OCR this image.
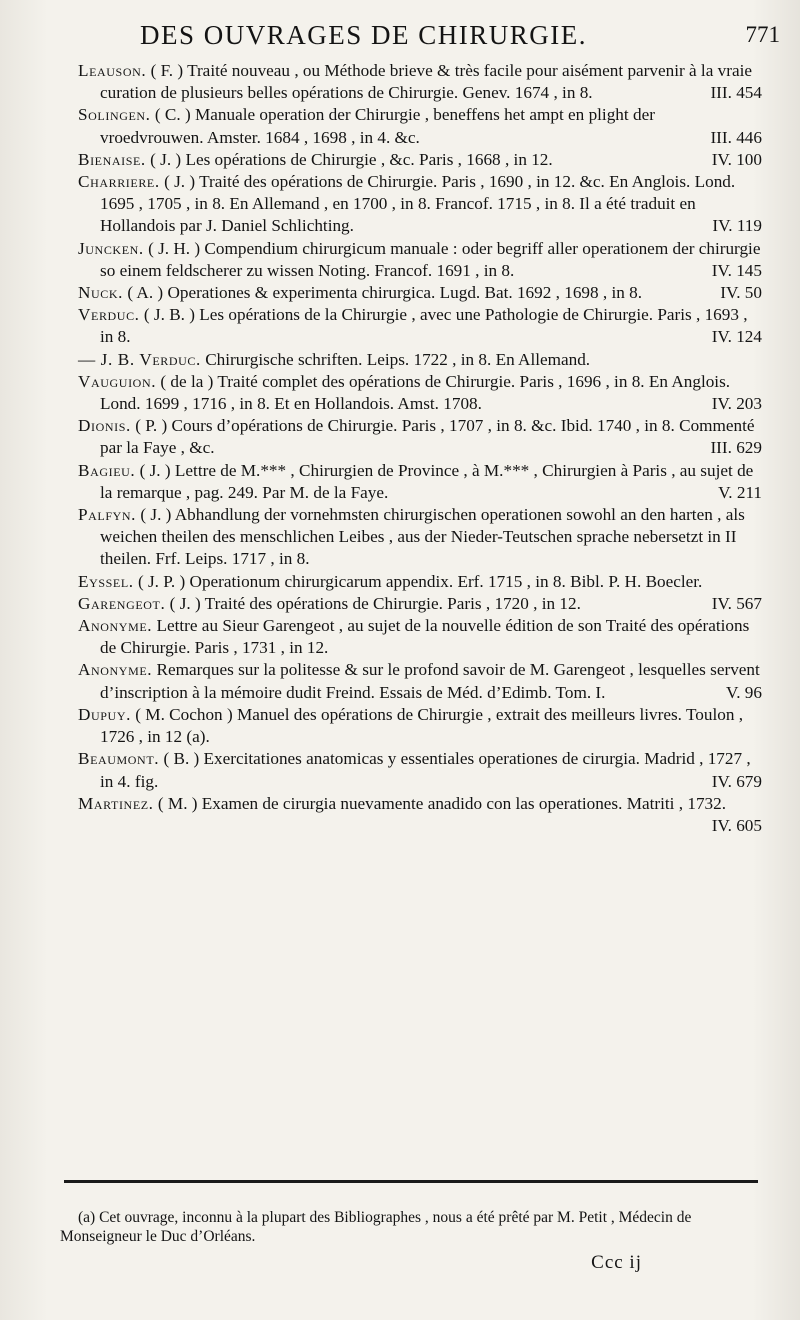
DES OUVRAGES DE CHIRURGIE.	771

Leauson. ( F. ) Traité nouveau , ou Méthode brieve & très facile pour aisément parvenir à la vraie curation de plusieurs belles opérations de Chirurgie. Genev. 1674 , in 8.	III. 454

Solingen. ( C. ) Manuale operation der Chirurgie , beneffens het ampt en plight der vroedvrouwen. Amster. 1684 , 1698 , in 4. &c.	III. 446

Bienaise. ( J. ) Les opérations de Chirurgie , &c. Paris , 1668 , in 12.	IV. 100

Charriere. ( J. ) Traité des opérations de Chirurgie. Paris , 1690 , in 12. &c. En Anglois. Lond. 1695 , 1705 , in 8. En Allemand , en 1700 , in 8. Francof. 1715 , in 8. Il a été traduit en Hollandois par J. Daniel Schlichting.	IV. 119

Juncken. ( J. H. ) Compendium chirurgicum manuale : oder begriff aller operationem der chirurgie so einem feldscherer zu wissen Noting. Francof. 1691 , in 8.	IV. 145

Nuck. ( A. ) Operationes & experimenta chirurgica. Lugd. Bat. 1692 , 1698 , in 8.	IV. 50

Verduc. ( J. B. ) Les opérations de la Chirurgie , avec une Pathologie de Chirurgie. Paris , 1693 , in 8.	IV. 124

— J. B. Verduc. Chirurgische schriften. Leips. 1722 , in 8. En Allemand.

Vauguion. ( de la ) Traité complet des opérations de Chirurgie. Paris , 1696 , in 8. En Anglois. Lond. 1699 , 1716 , in 8. Et en Hollandois. Amst. 1708.	IV. 203

Dionis. ( P. ) Cours d’opérations de Chirurgie. Paris , 1707 , in 8. &c. Ibid. 1740 , in 8. Commenté par la Faye , &c.	III. 629

Bagieu. ( J. ) Lettre de M.*** , Chirurgien de Province , à M.*** , Chirurgien à Paris , au sujet de la remarque , pag. 249. Par M. de la Faye.	V. 211

Palfyn. ( J. ) Abhandlung der vornehmsten chirurgischen operationen sowohl an den harten , als weichen theilen des menschlichen Leibes , aus der Nieder-Teutschen sprache nebersetzt in II theilen. Frf. Leips. 1717 , in 8.

Eyssel. ( J. P. ) Operationum chirurgicarum appendix. Erf. 1715 , in 8. Bibl. P. H. Boecler.

Garengeot. ( J. ) Traité des opérations de Chirurgie. Paris , 1720 , in 12.	IV. 567

Anonyme. Lettre au Sieur Garengeot , au sujet de la nouvelle édition de son Traité des opérations de Chirurgie. Paris , 1731 , in 12.

Anonyme. Remarques sur la politesse & sur le profond savoir de M. Garengeot , lesquelles servent d’inscription à la mémoire dudit Freind. Essais de Méd. d’Edimb. Tom. I.	V. 96

Dupuy. ( M. Cochon ) Manuel des opérations de Chirurgie , extrait des meilleurs livres. Toulon , 1726 , in 12 (a).

Beaumont. ( B. ) Exercitationes anatomicas y essentiales operationes de cirurgia. Madrid , 1727 , in 4. fig.	IV. 679

Martinez. ( M. ) Examen de cirurgia nuevamente anadido con las operationes. Matriti , 1732.
IV. 605

(a) Cet ouvrage, inconnu à la plupart des Bibliographes , nous a été prêté par M. Petit , Médecin de Monseigneur le Duc d’Orléans.

Ccc ij
